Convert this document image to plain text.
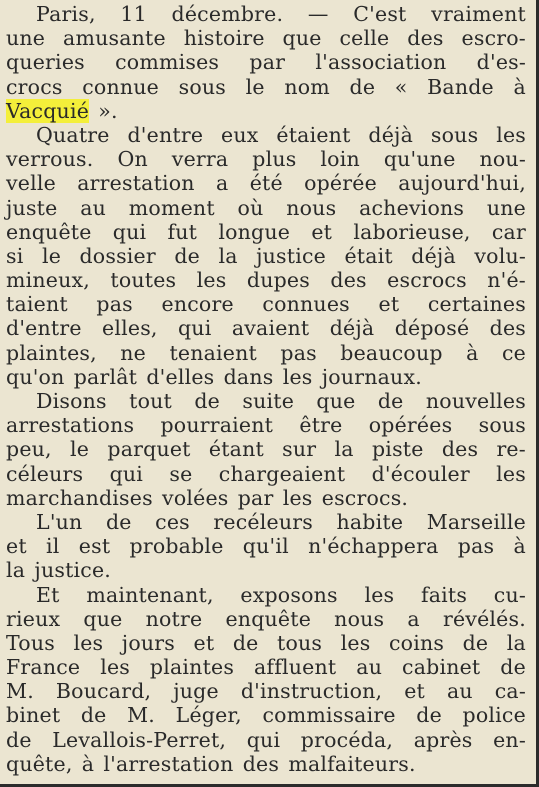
Paris, 11 décembre. — C'est vraiment
une amusante histoire que celle des escro-
queries commises par l'association d'es-
crocs connue sous le nom de « Bande à
Vacquié ».
Quatre d'entre eux étaient déjà sous les
verrous. On verra plus loin qu'une nou-
velle arrestation a été opérée aujourd'hui,
juste au moment où nous achevions une
enquête qui fut longue et laborieuse, car
si le dossier de la justice était déjà volu-
mineux, toutes les dupes des escrocs n'é-
taient pas encore connues et certaines
d'entre elles, qui avaient déjà déposé des
plaintes, ne tenaient pas beaucoup à ce
qu'on parlât d'elles dans les journaux.
Disons tout de suite que de nouvelles
arrestations pourraient être opérées sous
peu, le parquet étant sur la piste des re-
céleurs qui se chargeaient d'écouler les
marchandises volées par les escrocs.
L'un de ces recéleurs habite Marseille
et il est probable qu'il n'échappera pas à
la justice.
Et maintenant, exposons les faits cu-
rieux que notre enquête nous a révélés.
Tous les jours et de tous les coins de la
France les plaintes affluent au cabinet de
M. Boucard, juge d'instruction, et au ca-
binet de M. Léger, commissaire de police
de Levallois-Perret, qui procéda, après en-
quête, à l'arrestation des malfaiteurs.
